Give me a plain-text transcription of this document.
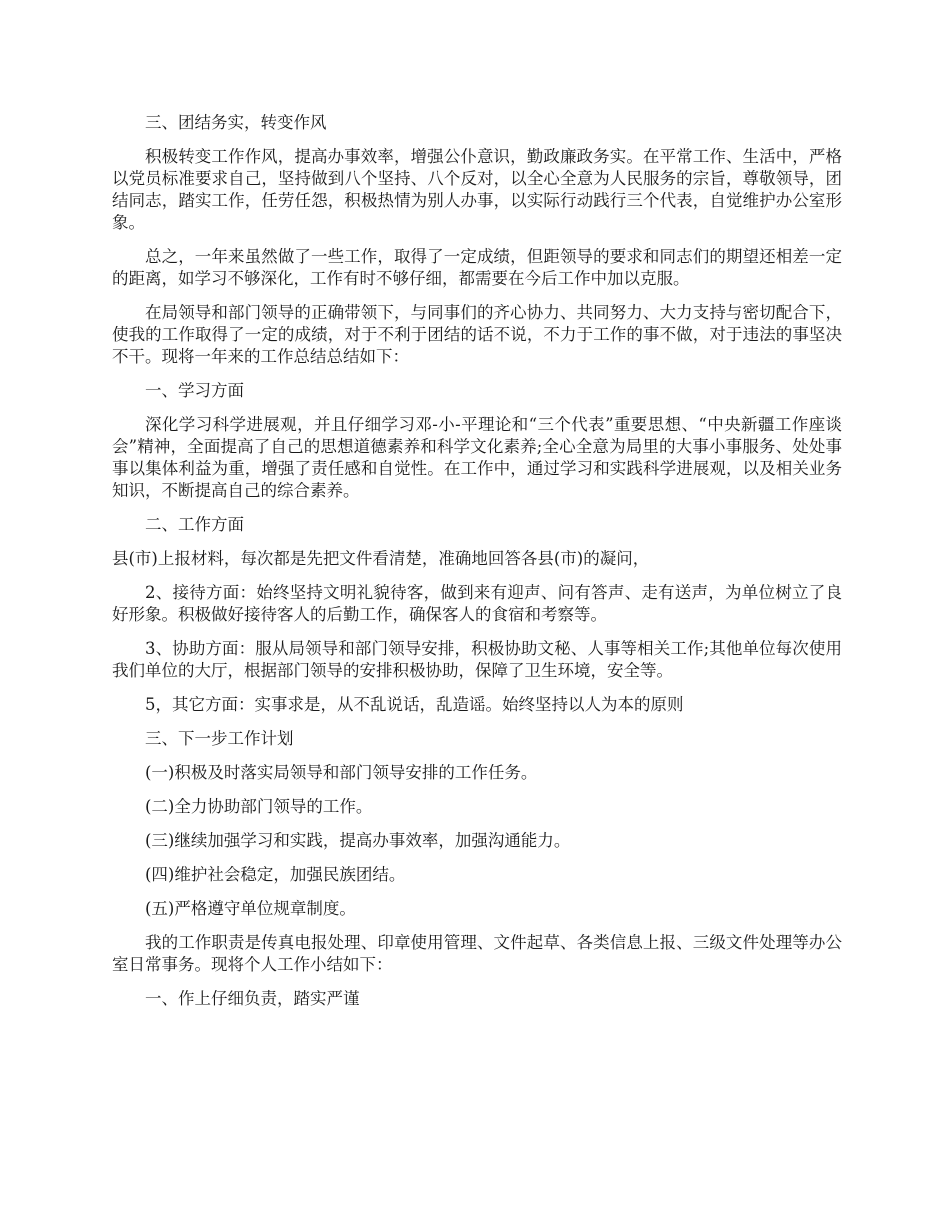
三、团结务实，转变作风

积极转变工作作风，提高办事效率，增强公仆意识，勤政廉政务实。在平常工作、生活中，严格以党员标准要求自己，坚持做到八个坚持、八个反对，以全心全意为人民服务的宗旨，尊敬领导，团结同志，踏实工作，任劳任怨，积极热情为别人办事，以实际行动践行三个代表，自觉维护办公室形象。

总之，一年来虽然做了一些工作，取得了一定成绩，但距领导的要求和同志们的期望还相差一定的距离，如学习不够深化，工作有时不够仔细，都需要在今后工作中加以克服。

在局领导和部门领导的正确带领下，与同事们的齐心协力、共同努力、大力支持与密切配合下，使我的工作取得了一定的成绩，对于不利于团结的话不说，不力于工作的事不做，对于违法的事坚决不干。现将一年来的工作总结总结如下：

一、学习方面

深化学习科学进展观，并且仔细学习邓-小-平理论和“三个代表”重要思想、“中央新疆工作座谈会”精神，全面提高了自己的思想道德素养和科学文化素养;全心全意为局里的大事小事服务、处处事事以集体利益为重，增强了责任感和自觉性。在工作中，通过学习和实践科学进展观，以及相关业务知识，不断提高自己的综合素养。

二、工作方面

县(市)上报材料，每次都是先把文件看清楚，准确地回答各县(市)的凝问，

2、接待方面：始终坚持文明礼貌待客，做到来有迎声、问有答声、走有送声，为单位树立了良好形象。积极做好接待客人的后勤工作，确保客人的食宿和考察等。

3、协助方面：服从局领导和部门领导安排，积极协助文秘、人事等相关工作;其他单位每次使用我们单位的大厅，根据部门领导的安排积极协助，保障了卫生环境，安全等。

5，其它方面：实事求是，从不乱说话，乱造谣。始终坚持以人为本的原则

三、下一步工作计划

(一)积极及时落实局领导和部门领导安排的工作任务。

(二)全力协助部门领导的工作。

(三)继续加强学习和实践，提高办事效率，加强沟通能力。

(四)维护社会稳定，加强民族团结。

(五)严格遵守单位规章制度。

我的工作职责是传真电报处理、印章使用管理、文件起草、各类信息上报、三级文件处理等办公室日常事务。现将个人工作小结如下：

一、作上仔细负责，踏实严谨
